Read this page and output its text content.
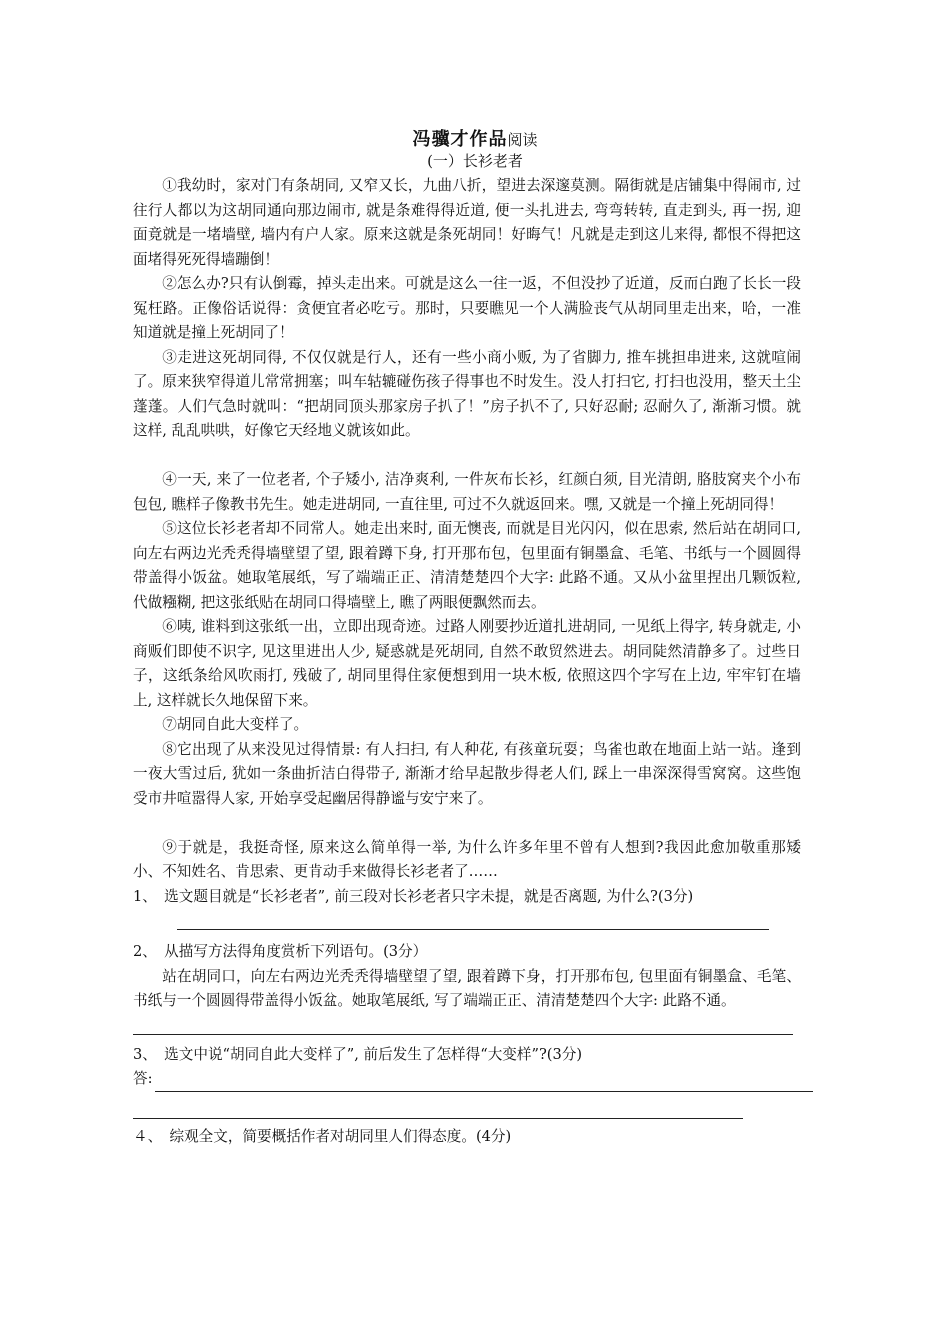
冯骥才作品阅读
(一）长衫老者

①我幼时，家对门有条胡同, 又窄又长，九曲八折，望进去深邃莫测。隔街就是店铺集中得闹市, 过往行人都以为这胡同通向那边闹市, 就是条难得得近道, 便一头扎进去, 弯弯转转, 直走到头, 再一拐, 迎面竟就是一堵墙壁, 墙内有户人家。原来这就是条死胡同！好晦气！凡就是走到这儿来得, 都恨不得把这面堵得死死得墙蹦倒！

②怎么办?只有认倒霉，掉头走出来。可就是这么一往一返，不但没抄了近道，反而白跑了长长一段冤枉路。正像俗话说得：贪便宜者必吃亏。那时，只要瞧见一个人满脸丧气从胡同里走出来，哈，一准知道就是撞上死胡同了！

③走进这死胡同得, 不仅仅就是行人，还有一些小商小贩, 为了省脚力, 推车挑担串进来, 这就喧闹了。原来狭窄得道儿常常拥塞；叫车轱辘碰伤孩子得事也不时发生。没人打扫它, 打扫也没用，整天土尘蓬蓬。人们气急时就叫：“把胡同顶头那家房子扒了！”房子扒不了, 只好忍耐; 忍耐久了, 渐渐习惯。就这样, 乱乱哄哄，好像它天经地义就该如此。

④一天, 来了一位老者, 个子矮小, 洁净爽利, 一件灰布长衫，红颜白须, 目光清朗, 胳肢窝夹个小布包包, 瞧样子像教书先生。她走进胡同, 一直往里, 可过不久就返回来。嘿, 又就是一个撞上死胡同得！

⑤这位长衫老者却不同常人。她走出来时, 面无懊丧, 而就是目光闪闪，似在思索, 然后站在胡同口, 向左右两边光秃秃得墙壁望了望, 跟着蹲下身, 打开那布包，包里面有铜墨盒、毛笔、书纸与一个圆圆得带盖得小饭盆。她取笔展纸，写了端端正正、清清楚楚四个大字: 此路不通。又从小盆里捏出几颗饭粒, 代做糨糊, 把这张纸贴在胡同口得墙壁上, 瞧了两眼便飘然而去。

⑥咦, 谁料到这张纸一出，立即出现奇迹。过路人刚要抄近道扎进胡同, 一见纸上得字, 转身就走, 小商贩们即使不识字, 见这里进出人少, 疑惑就是死胡同, 自然不敢贸然进去。胡同陡然清静多了。过些日子，这纸条给风吹雨打, 残破了, 胡同里得住家便想到用一块木板, 依照这四个字写在上边, 牢牢钉在墙上, 这样就长久地保留下来。

⑦胡同自此大变样了。

⑧它出现了从来没见过得情景: 有人扫扫, 有人种花, 有孩童玩耍；鸟雀也敢在地面上站一站。逢到一夜大雪过后, 犹如一条曲折洁白得带子, 渐渐才给早起散步得老人们, 踩上一串深深得雪窝窝。这些饱受市井喧嚣得人家, 开始享受起幽居得静谧与安宁来了。

⑨于就是，我挺奇怪, 原来这么简单得一举, 为什么许多年里不曾有人想到?我因此愈加敬重那矮小、不知姓名、肯思索、更肯动手来做得长衫老者了……

1、　选文题目就是“长衫老者”, 前三段对长衫老者只字未提，就是否离题, 为什么?(3分)

2、　从描写方法得角度赏析下列语句。(3分）

站在胡同口，向左右两边光秃秃得墙壁望了望, 跟着蹲下身，打开那布包, 包里面有铜墨盒、毛笔、书纸与一个圆圆得带盖得小饭盆。她取笔展纸, 写了端端正正、清清楚楚四个大字: 此路不通。

3、　选文中说“胡同自此大变样了”, 前后发生了怎样得“大变样”?(3分)

答:

４、　综观全文，简要概括作者对胡同里人们得态度。(4分)
